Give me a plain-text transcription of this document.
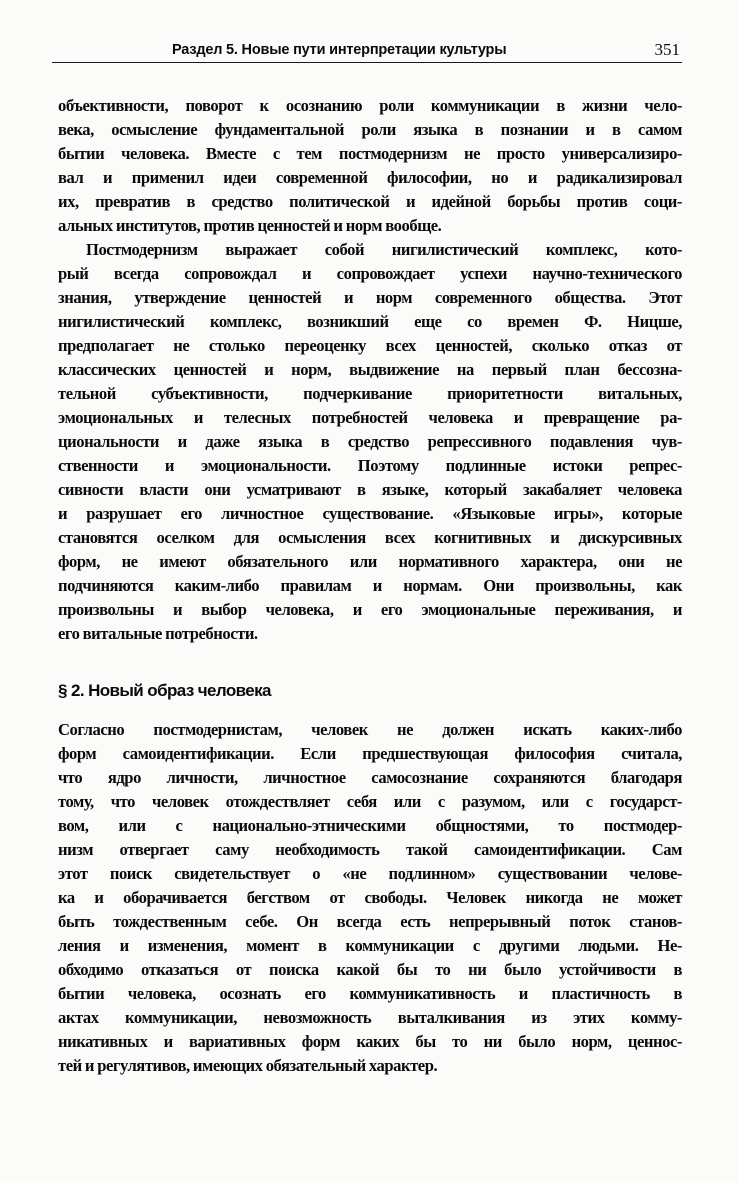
Раздел 5. Новые пути интерпретации культуры	351
объективности, поворот к осознанию роли коммуникации в жизни чело-
века, осмысление фундаментальной роли языка в познании и в самом
бытии человека. Вместе с тем постмодернизм не просто универсализиро-
вал и применил идеи современной философии, но и радикализировал
их, превратив в средство политической и идейной борьбы против соци-
альных институтов, против ценностей и норм вообще.
Постмодернизм выражает собой нигилистический комплекс, кото-
рый всегда сопровождал и сопровождает успехи научно-технического
знания, утверждение ценностей и норм современного общества. Этот
нигилистический комплекс, возникший еще со времен Ф. Ницше,
предполагает не столько переоценку всех ценностей, сколько отказ от
классических ценностей и норм, выдвижение на первый план бессозна-
тельной субъективности, подчеркивание приоритетности витальных,
эмоциональных и телесных потребностей человека и превращение ра-
циональности и даже языка в средство репрессивного подавления чув-
ственности и эмоциональности. Поэтому подлинные истоки репрес-
сивности власти они усматривают в языке, который закабаляет человека
и разрушает его личностное существование. «Языковые игры», которые
становятся оселком для осмысления всех когнитивных и дискурсивных
форм, не имеют обязательного или нормативного характера, они не
подчиняются каким-либо правилам и нормам. Они произвольны, как
произвольны и выбор человека, и его эмоциональные переживания, и
его витальные потребности.
§ 2. Новый образ человека
Согласно постмодернистам, человек не должен искать каких-либо
форм самоидентификации. Если предшествующая философия считала,
что ядро личности, личностное самосознание сохраняются благодаря
тому, что человек отождествляет себя или с разумом, или с государст-
вом, или с национально-этническими общностями, то постмодер-
низм отвергает саму необходимость такой самоидентификации. Сам
этот поиск свидетельствует о «не подлинном» существовании челове-
ка и оборачивается бегством от свободы. Человек никогда не может
быть тождественным себе. Он всегда есть непрерывный поток станов-
ления и изменения, момент в коммуникации с другими людьми. Не-
обходимо отказаться от поиска какой бы то ни было устойчивости в
бытии человека, осознать его коммуникативность и пластичность в
актах коммуникации, невозможность выталкивания из этих комму-
никативных и вариативных форм каких бы то ни было норм, ценнос-
тей и регулятивов, имеющих обязательный характер.
